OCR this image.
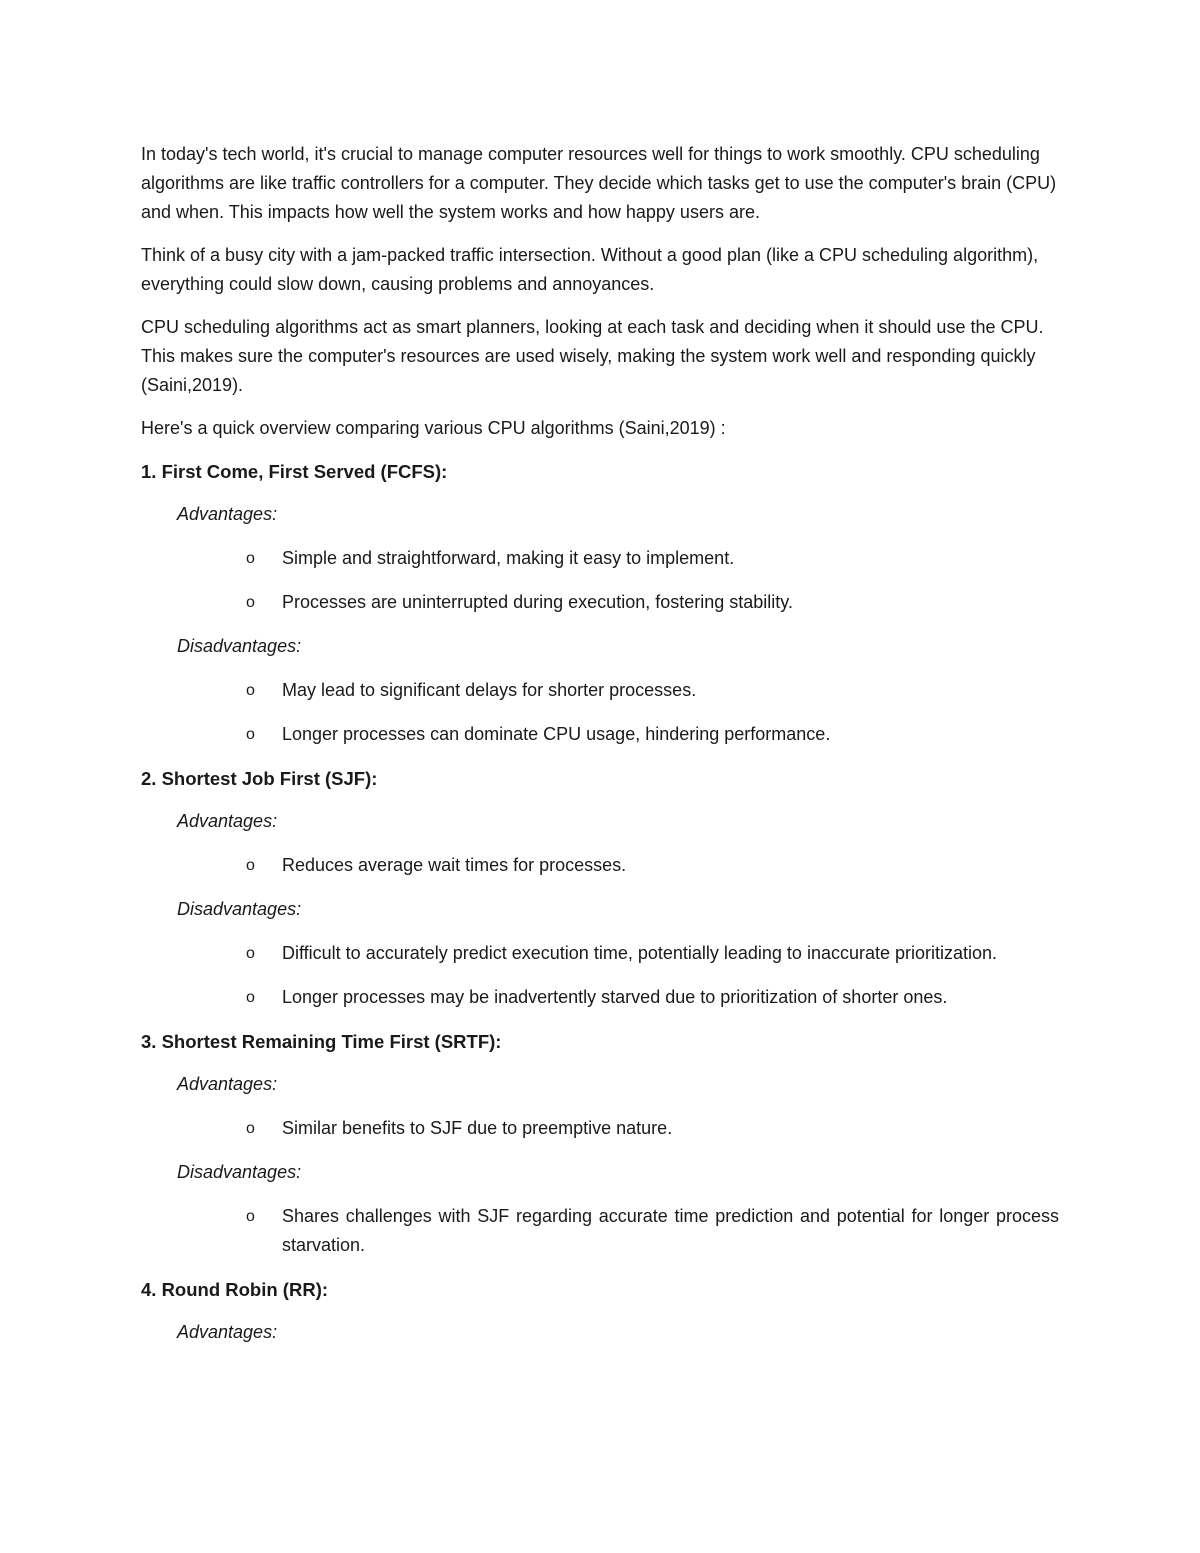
In today's tech world, it's crucial to manage computer resources well for things to work smoothly. CPU scheduling algorithms are like traffic controllers for a computer. They decide which tasks get to use the computer's brain (CPU) and when. This impacts how well the system works and how happy users are.

Think of a busy city with a jam-packed traffic intersection. Without a good plan (like a CPU scheduling algorithm), everything could slow down, causing problems and annoyances.

CPU scheduling algorithms act as smart planners, looking at each task and deciding when it should use the CPU. This makes sure the computer's resources are used wisely, making the system work well and responding quickly (Saini,2019).

Here's a quick overview comparing various CPU algorithms (Saini,2019) :

1. First Come, First Served (FCFS):
Advantages:
o Simple and straightforward, making it easy to implement.
o Processes are uninterrupted during execution, fostering stability.
Disadvantages:
o May lead to significant delays for shorter processes.
o Longer processes can dominate CPU usage, hindering performance.
2. Shortest Job First (SJF):
Advantages:
o Reduces average wait times for processes.
Disadvantages:
o Difficult to accurately predict execution time, potentially leading to inaccurate prioritization.
o Longer processes may be inadvertently starved due to prioritization of shorter ones.
3. Shortest Remaining Time First (SRTF):
Advantages:
o Similar benefits to SJF due to preemptive nature.
Disadvantages:
o Shares challenges with SJF regarding accurate time prediction and potential for longer process starvation.
4. Round Robin (RR):
Advantages:
